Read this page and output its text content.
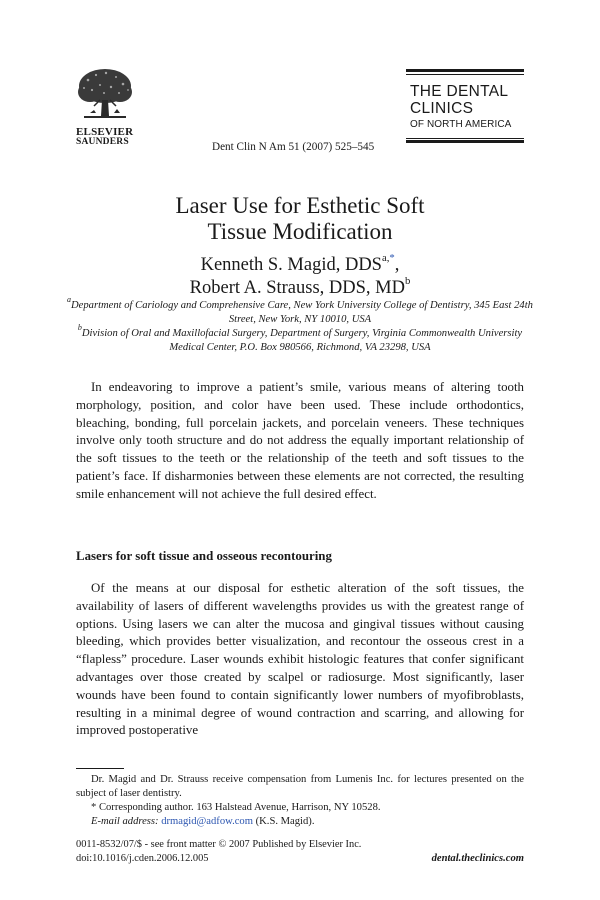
ELSEVIER
SAUNDERS	Dent Clin N Am 51 (2007) 525–545
THE DENTAL
CLINICS
OF NORTH AMERICA
Laser Use for Esthetic Soft
Tissue Modification
Kenneth S. Magid, $DDS^{a,*}$,
Robert A. Strauss, DDS, $MD^b$
$^a$Department of Cariology and Comprehensive Care, New York University College of Dentistry, 345 East 24th Street, New York, NY 10010, USA
$^b$Division of Oral and Maxillofacial Surgery, Department of Surgery, Virginia Commonwealth University Medical Center, P.O. Box 980566, Richmond, VA 23298, USA
In endeavoring to improve a patient’s smile, various means of altering tooth morphology, position, and color have been used. These include orthodontics, bleaching, bonding, full porcelain jackets, and porcelain veneers. These techniques involve only tooth structure and do not address the equally important relationship of the soft tissues to the teeth or the relationship of the teeth and soft tissues to the patient’s face. If disharmonies between these elements are not corrected, the resulting smile enhancement will not achieve the full desired effect.
Lasers for soft tissue and osseous recontouring
Of the means at our disposal for esthetic alteration of the soft tissues, the availability of lasers of different wavelengths provides us with the greatest range of options. Using lasers we can alter the mucosa and gingival tissues without causing bleeding, which provides better visualization, and recontour the osseous crest in a “flapless” procedure. Laser wounds exhibit histologic features that confer significant advantages over those created by scalpel or radiosurge. Most significantly, laser wounds have been found to contain significantly lower numbers of myofibroblasts, resulting in a minimal degree of wound contraction and scarring, and allowing for improved postoperative
Dr. Magid and Dr. Strauss receive compensation from Lumenis Inc. for lectures presented on the subject of laser dentistry.
* Corresponding author. 163 Halstead Avenue, Harrison, NY 10528.
E-mail address: drmagid@adfow.com (K.S. Magid).
0011-8532/07/$ - see front matter © 2007 Published by Elsevier Inc.
doi:10.1016/j.cden.2006.12.005	dental.theclinics.com
